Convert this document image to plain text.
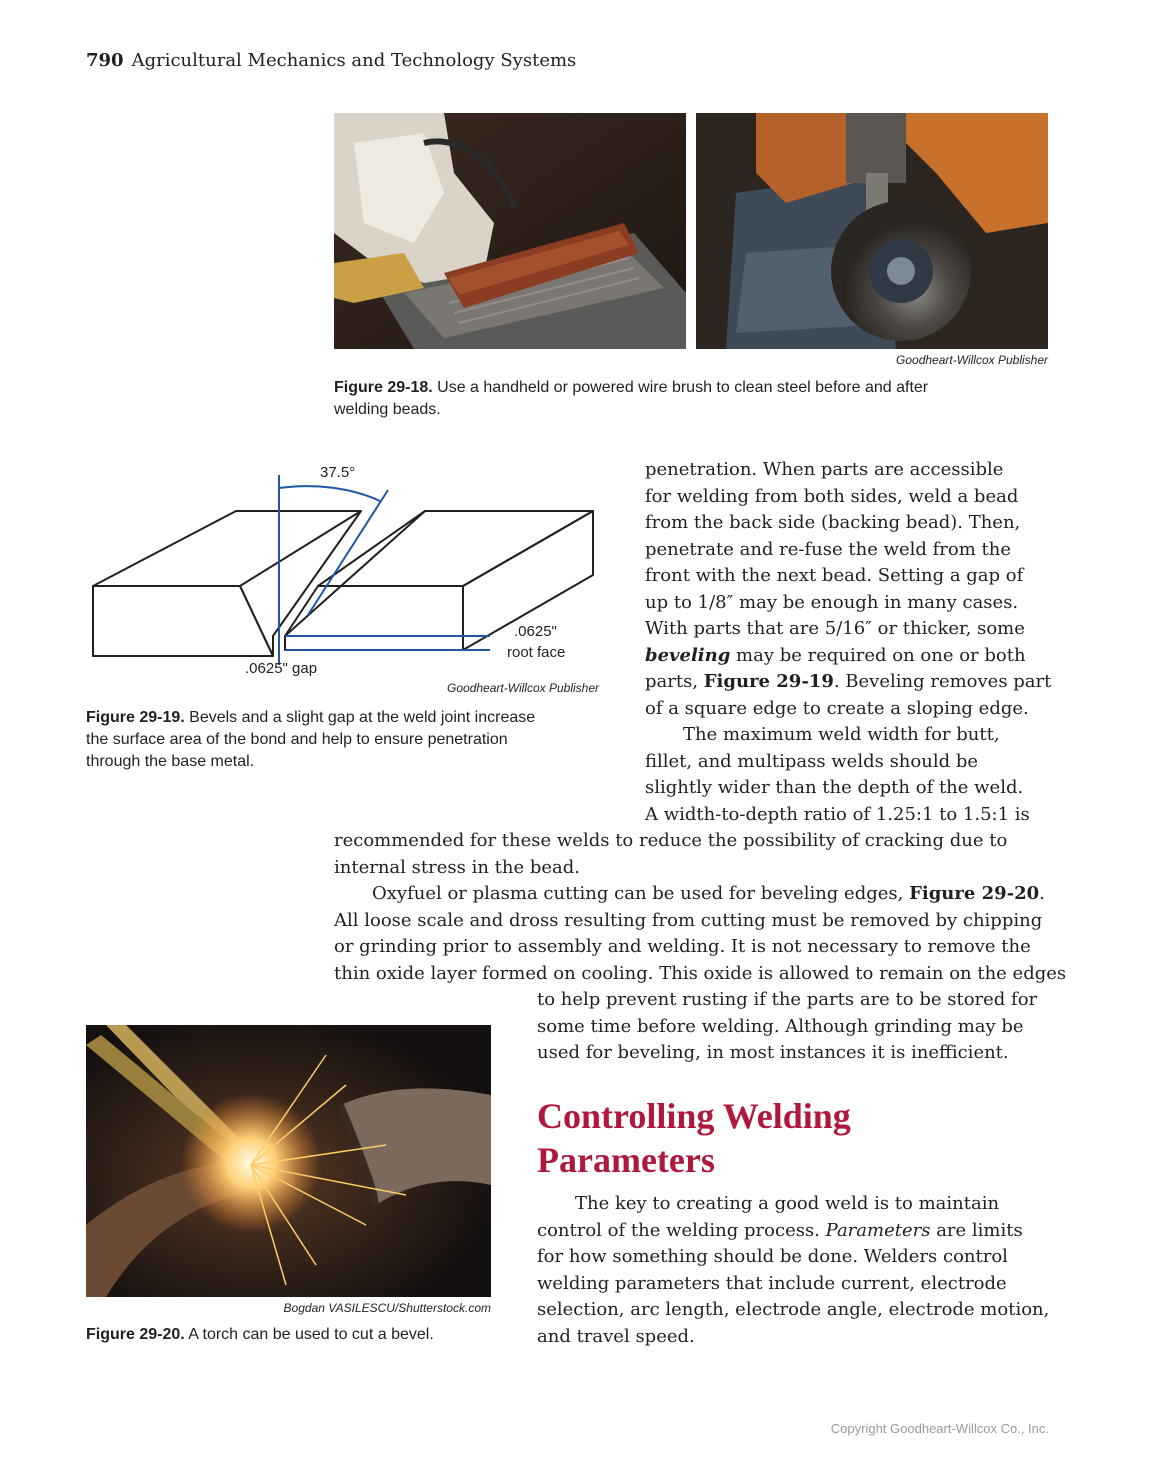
790 Agricultural Mechanics and Technology Systems
Goodheart-Willcox Publisher
Figure 29-18. Use a handheld or powered wire brush to clean steel before and after
welding beads.
37.5°
.0625"
root face
.0625" gap
Goodheart-Willcox Publisher
Figure 29-19. Bevels and a slight gap at the weld joint increase
the surface area of the bond and help to ensure penetration
through the base metal.
penetration. When parts are accessible
for welding from both sides, weld a bead
from the back side (backing bead). Then,
penetrate and re-fuse the weld from the
front with the next bead. Setting a gap of
up to 1/8″ may be enough in many cases.
With parts that are 5/16″ or thicker, some
beveling may be required on one or both
parts, Figure 29-19. Beveling removes part
of a square edge to create a sloping edge.
The maximum weld width for butt,
fillet, and multipass welds should be
slightly wider than the depth of the weld.
A width-to-depth ratio of 1.25:1 to 1.5:1 is
recommended for these welds to reduce the possibility of cracking due to
internal stress in the bead.
Oxyfuel or plasma cutting can be used for beveling edges, Figure 29-20.
All loose scale and dross resulting from cutting must be removed by chipping
or grinding prior to assembly and welding. It is not necessary to remove the
thin oxide layer formed on cooling. This oxide is allowed to remain on the edges
to help prevent rusting if the parts are to be stored for
some time before welding. Although grinding may be
used for beveling, in most instances it is inefficient.
Controlling Welding
Parameters
The key to creating a good weld is to maintain
control of the welding process. Parameters are limits
for how something should be done. Welders control
welding parameters that include current, electrode
selection, arc length, electrode angle, electrode motion,
and travel speed.
Bogdan VASILESCU/Shutterstock.com
Figure 29-20. A torch can be used to cut a bevel.
Copyright Goodheart-Willcox Co., Inc.
